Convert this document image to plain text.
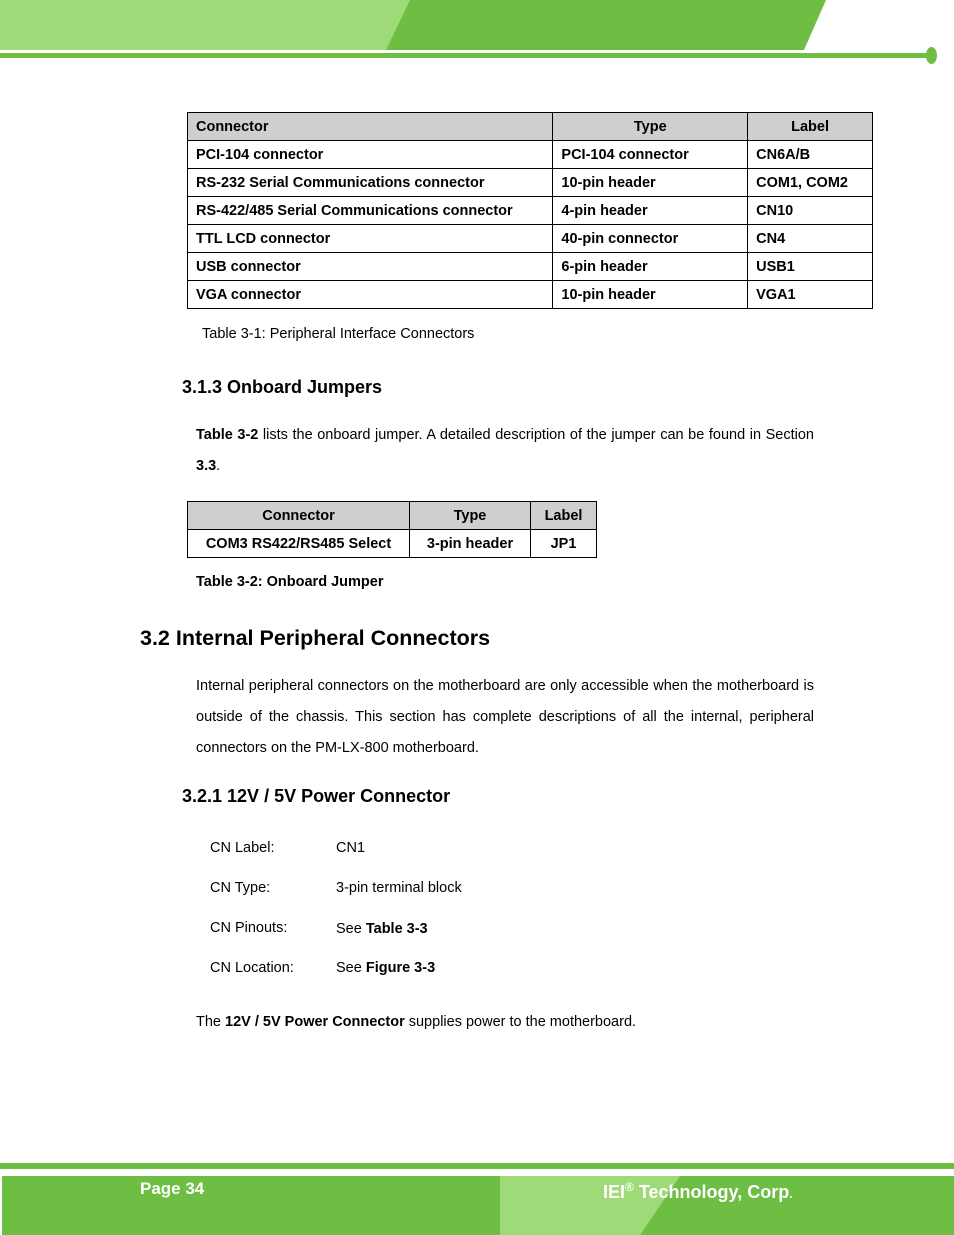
Connector	Type	Label
PCI-104 connector	PCI-104 connector	CN6A/B
RS-232 Serial Communications connector	10-pin header	COM1, COM2
RS-422/485 Serial Communications connector	4-pin header	CN10
TTL LCD connector	40-pin connector	CN4
USB connector	6-pin header	USB1
VGA connector	10-pin header	VGA1
Table 3-1: Peripheral Interface Connectors
3.1.3 Onboard Jumpers
Table 3-2 lists the onboard jumper. A detailed description of the jumper can be found in Section 3.3.
Connector	Type	Label
COM3 RS422/RS485 Select	3-pin header	JP1
Table 3-2: Onboard Jumper
3.2 Internal Peripheral Connectors
Internal peripheral connectors on the motherboard are only accessible when the motherboard is outside of the chassis. This section has complete descriptions of all the internal, peripheral connectors on the PM-LX-800 motherboard.
3.2.1 12V / 5V Power Connector
CN Label:	CN1
CN Type:	3-pin terminal block
CN Pinouts:	See Table 3-3
CN Location:	See Figure 3-3
The 12V / 5V Power Connector supplies power to the motherboard.
Page 34	IEI® Technology, Corp.
